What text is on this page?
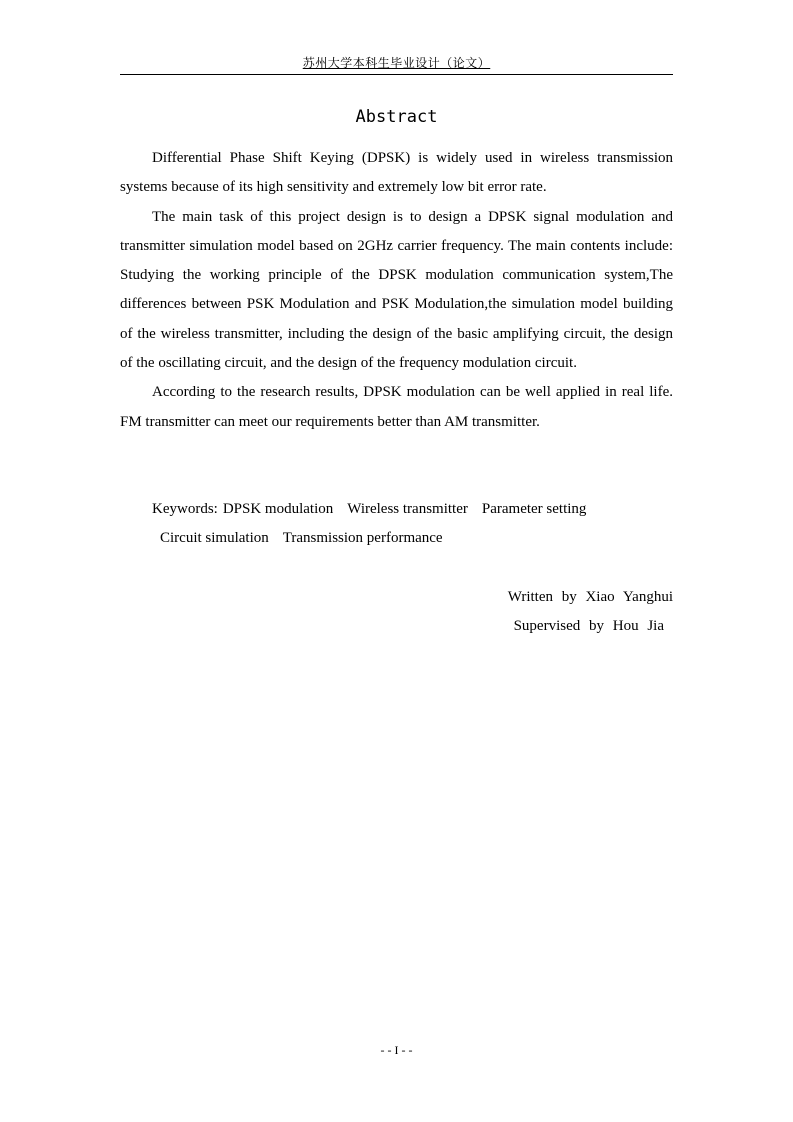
苏州大学本科生毕业设计（论文）
Abstract

Differential Phase Shift Keying (DPSK) is widely used in wireless transmission systems because of its high sensitivity and extremely low bit error rate.

The main task of this project design is to design a DPSK signal modulation and transmitter simulation model based on 2GHz carrier frequency. The main contents include: Studying the working principle of the DPSK modulation communication system,The differences between PSK Modulation and PSK Modulation,the simulation model building of the wireless transmitter, including the design of the basic amplifying circuit, the design of the oscillating circuit, and the design of the frequency modulation circuit.

According to the research results, DPSK modulation can be well applied in real life. FM transmitter can meet our requirements better than AM transmitter.

Keywords: DPSK modulation Wireless transmitter Parameter setting
Circuit simulation Transmission performance
Written by Xiao Yanghui
Supervised by Hou Jia
- - I - -
